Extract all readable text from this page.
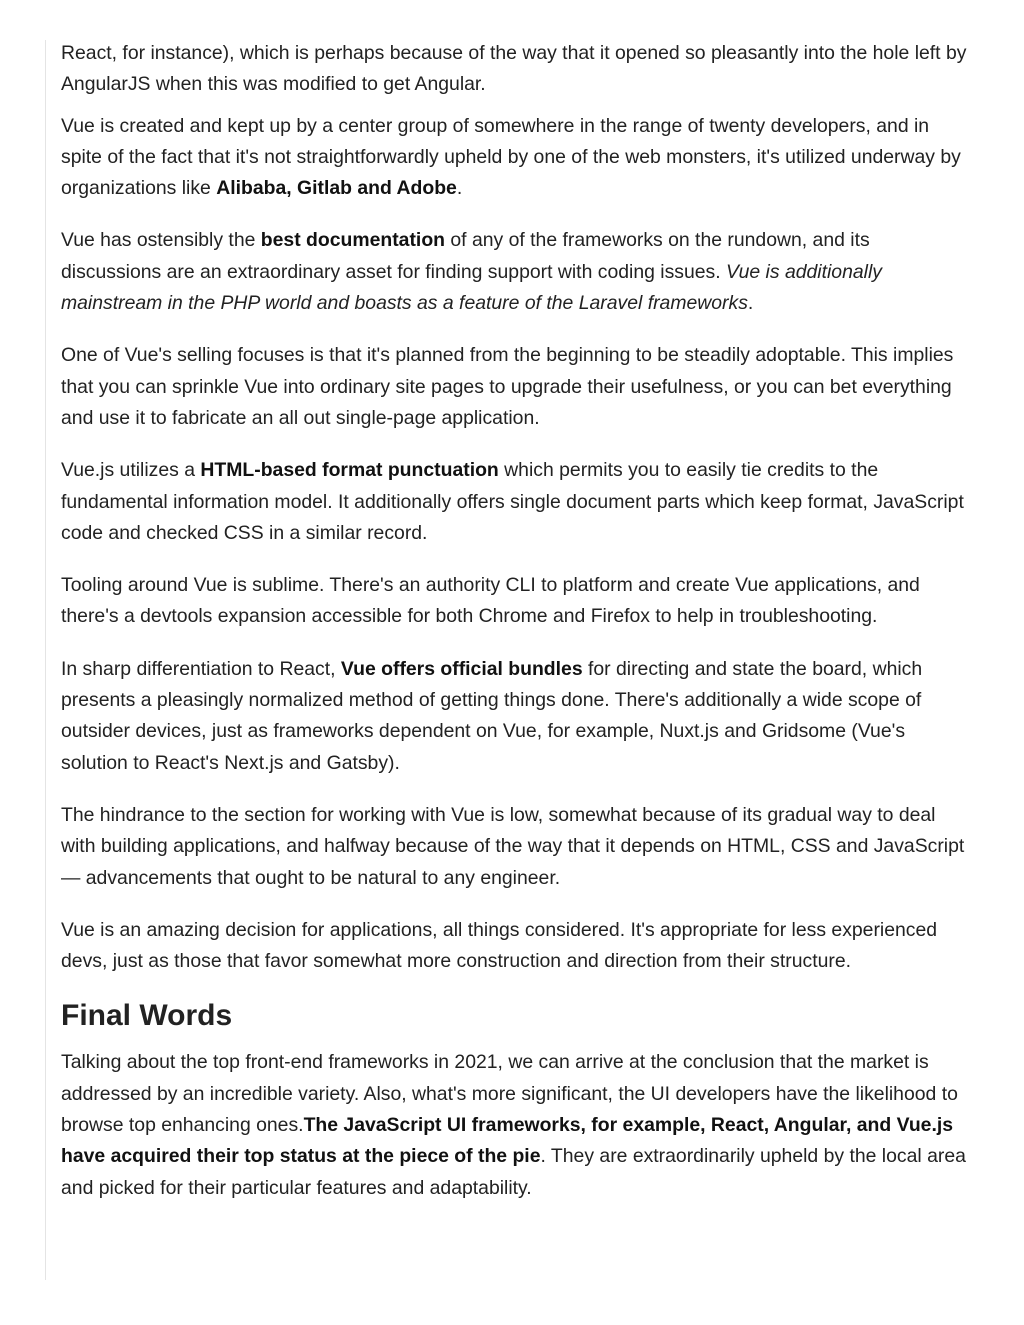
React, for instance), which is perhaps because of the way that it opened so pleasantly into the hole left by AngularJS when this was modified to get Angular.

Vue is created and kept up by a center group of somewhere in the range of twenty developers, and in spite of the fact that it's not straightforwardly upheld by one of the web monsters, it's utilized underway by organizations like Alibaba, Gitlab and Adobe.

Vue has ostensibly the best documentation of any of the frameworks on the rundown, and its discussions are an extraordinary asset for finding support with coding issues. Vue is additionally mainstream in the PHP world and boasts as a feature of the Laravel frameworks.

One of Vue's selling focuses is that it's planned from the beginning to be steadily adoptable. This implies that you can sprinkle Vue into ordinary site pages to upgrade their usefulness, or you can bet everything and use it to fabricate an all out single-page application.

Vue.js utilizes a HTML-based format punctuation which permits you to easily tie credits to the fundamental information model. It additionally offers single document parts which keep format, JavaScript code and checked CSS in a similar record.

Tooling around Vue is sublime. There's an authority CLI to platform and create Vue applications, and there's a devtools expansion accessible for both Chrome and Firefox to help in troubleshooting.

In sharp differentiation to React, Vue offers official bundles for directing and state the board, which presents a pleasingly normalized method of getting things done. There's additionally a wide scope of outsider devices, just as frameworks dependent on Vue, for example, Nuxt.js and Gridsome (Vue's solution to React's Next.js and Gatsby).

The hindrance to the section for working with Vue is low, somewhat because of its gradual way to deal with building applications, and halfway because of the way that it depends on HTML, CSS and JavaScript — advancements that ought to be natural to any engineer.

Vue is an amazing decision for applications, all things considered. It's appropriate for less experienced devs, just as those that favor somewhat more construction and direction from their structure.

Final Words

Talking about the top front-end frameworks in 2021, we can arrive at the conclusion that the market is addressed by an incredible variety. Also, what's more significant, the UI developers have the likelihood to browse top enhancing ones.The JavaScript UI frameworks, for example, React, Angular, and Vue.js have acquired their top status at the piece of the pie. They are extraordinarily upheld by the local area and picked for their particular features and adaptability.
